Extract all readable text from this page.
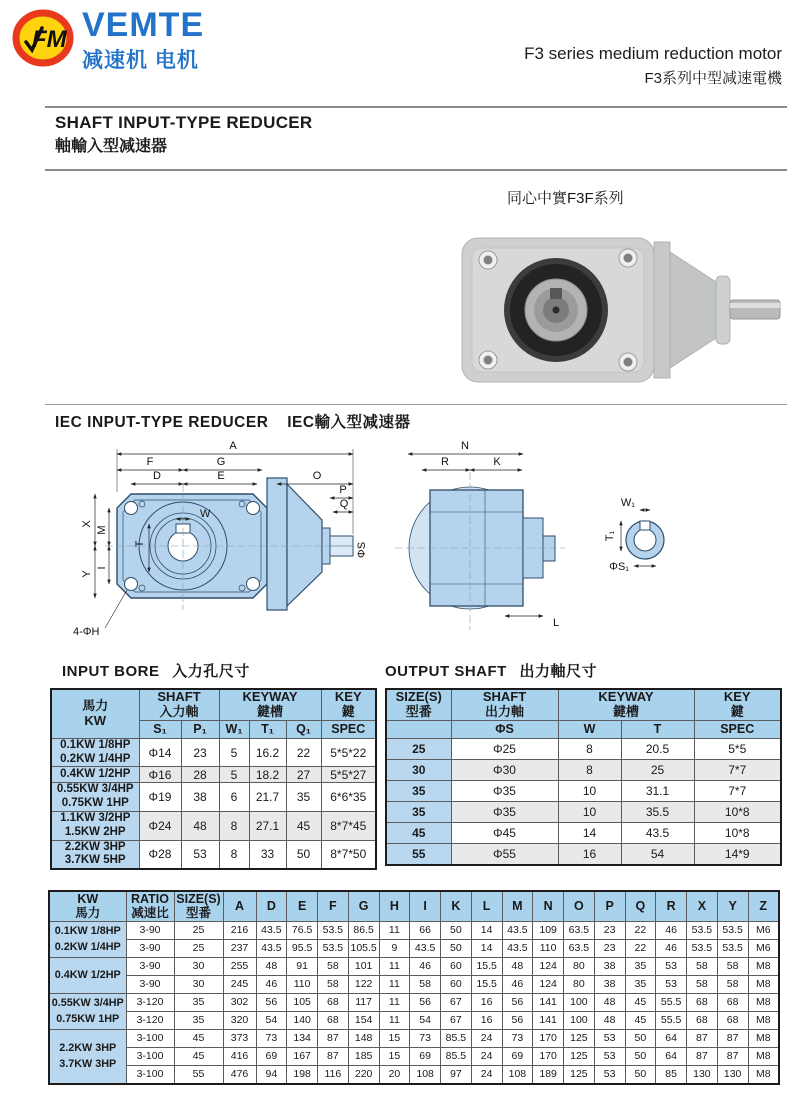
FM VEMTE
减速机 电机	F3 series medium reduction motor
F3系列中型减速電機
SHAFT INPUT-TYPE REDUCER
軸輸入型减速器
同心中實F3F系列
IEC INPUT-TYPE REDUCER IEC輸入型减速器
A
F	G
D	E	O
P
Q
ΦS
X
M
Y
I
W
T
4-ΦH
N
R	K
L
W₁
T₁
ΦS₁
INPUT BORE 入力孔尺寸
馬力
KW

SHAFT
入力軸

KEYWAY
鍵槽

KEY
鍵

	S₁	P₁	W₁	T₁	Q₁	SPEC

0.1KW 1/8HP
0.2KW 1/4HP	Φ14	23	5	16.2	22	5*5*22

0.4KW 1/2HP	Φ16	28	5	18.2	27	5*5*27

0.55KW 3/4HP
0.75KW 1HP	Φ19	38	6	21.7	35	6*6*35

1.1KW 3/2HP
1.5KW 2HP	Φ24	48	8	27.1	45	8*7*45

2.2KW 3HP
3.7KW 5HP	Φ28	53	8	33	50	8*7*50
OUTPUT SHAFT 出力軸尺寸
SIZE(S)
型番

SHAFT
出力軸

KEYWAY
鍵槽

KEY
鍵

	ΦS	W	T	SPEC
25	Φ25	8	20.5	5*5
30	Φ30	8	25	7*7
35	Φ35	10	31.1	7*7
35	Φ35	10	35.5	10*8
45	Φ45	14	43.5	10*8
55	Φ55	16	54	14*9
KW
馬力

RATIO
减速比

SIZE(S)
型番	A	D	E	F	G	H	I	K	L	M	N	O	P	Q	R	X	Y	Z

0.1KW 1/8HP
0.2KW 1/4HP	3-90	25	216	43.5	76.5	53.5	86.5	11	66	50	14	43.5	109	63.5	23	22	46	53.5	53.5	M6
	3-90	25	237	43.5	95.5	53.5	105.5	9	43.5	50	14	43.5	110	63.5	23	22	46	53.5	53.5	M6

0.4KW 1/2HP	3-90	30	255	48	91	58	101	11	46	60	15.5	48	124	80	38	35	53	58	58	M8
	3-90	30	245	46	110	58	122	11	58	60	15.5	46	124	80	38	35	53	58	58	M8

0.55KW 3/4HP
0.75KW 1HP	3-120	35	302	56	105	68	117	11	56	67	16	56	141	100	48	45	55.5	68	68	M8
	3-120	35	320	54	140	68	154	11	54	67	16	56	141	100	48	45	55.5	68	68	M8

2.2KW 3HP
3.7KW 3HP	3-100	45	373	73	134	87	148	15	73	85.5	24	73	170	125	53	50	64	87	87	M8
	3-100	45	416	69	167	87	185	15	69	85.5	24	69	170	125	53	50	64	87	87	M8
	3-100	55	476	94	198	116	220	20	108	97	24	108	189	125	53	50	85	130	130	M8
